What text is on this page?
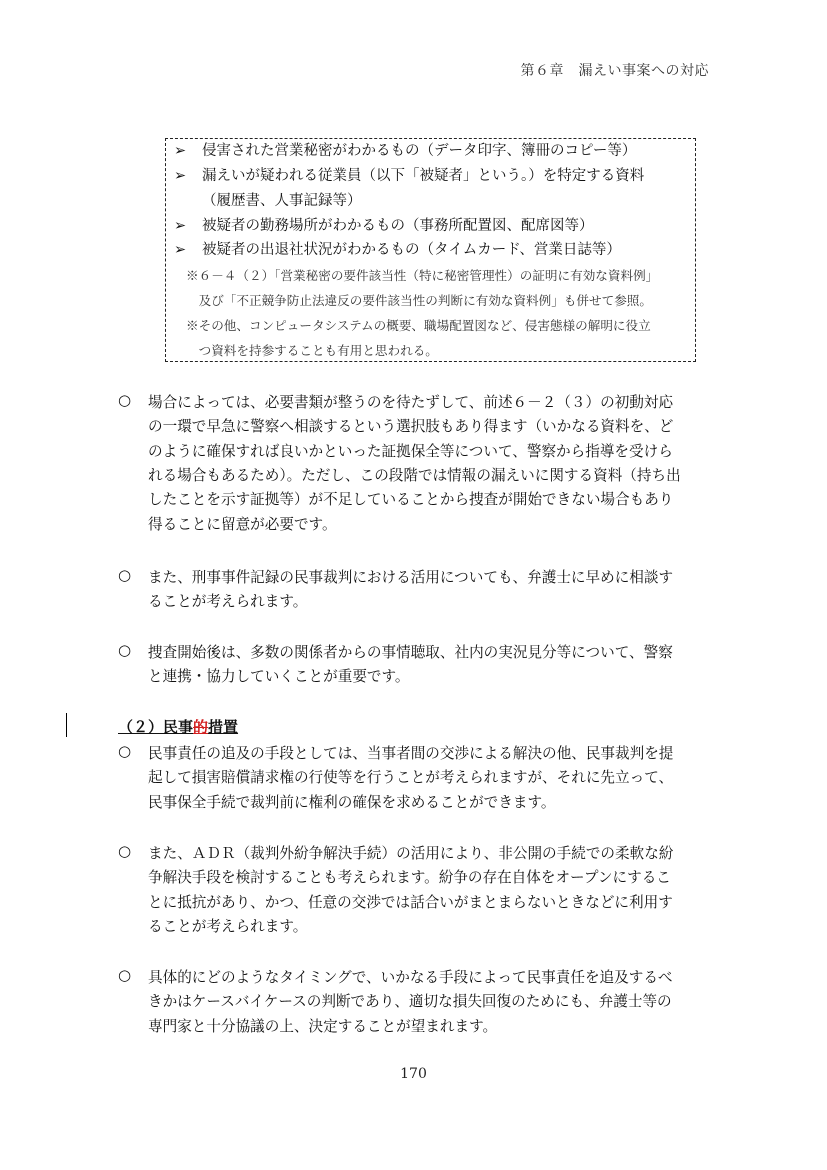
第６章　漏えい事案への対応
➢ 侵害された営業秘密がわかるもの（データ印字、簿冊のコピー等）
➢ 漏えいが疑われる従業員（以下「被疑者」という。）を特定する資料
（履歴書、人事記録等）
➢ 被疑者の勤務場所がわかるもの（事務所配置図、配席図等）
➢ 被疑者の出退社状況がわかるもの（タイムカード、営業日誌等）
※６－４（２）「営業秘密の要件該当性（特に秘密管理性）の証明に有効な資料例」
　及び「不正競争防止法違反の要件該当性の判断に有効な資料例」も併せて参照。
※その他、コンピュータシステムの概要、職場配置図など、侵害態様の解明に役立
　つ資料を持参することも有用と思われる。
（２）民事的措置
○ 場合によっては、必要書類が整うのを待たずして、前述６－２（３）の初動対応
の一環で早急に警察へ相談するという選択肢もあり得ます（いかなる資料を、ど
のように確保すれば良いかといった証拠保全等について、警察から指導を受けら
れる場合もあるため）。ただし、この段階では情報の漏えいに関する資料（持ち出
したことを示す証拠等）が不足していることから捜査が開始できない場合もあり
得ることに留意が必要です。
○ また、刑事事件記録の民事裁判における活用についても、弁護士に早めに相談す
ることが考えられます。
○ 捜査開始後は、多数の関係者からの事情聴取、社内の実況見分等について、警察
と連携・協力していくことが重要です。
○ 民事責任の追及の手段としては、当事者間の交渉による解決の他、民事裁判を提
起して損害賠償請求権の行使等を行うことが考えられますが、それに先立って、
民事保全手続で裁判前に権利の確保を求めることができます。
○ また、ＡＤＲ（裁判外紛争解決手続）の活用により、非公開の手続での柔軟な紛
争解決手段を検討することも考えられます。紛争の存在自体をオープンにするこ
とに抵抗があり、かつ、任意の交渉では話合いがまとまらないときなどに利用す
ることが考えられます。
○ 具体的にどのようなタイミングで、いかなる手段によって民事責任を追及するべ
きかはケースバイケースの判断であり、適切な損失回復のためにも、弁護士等の
専門家と十分協議の上、決定することが望まれます。
170
